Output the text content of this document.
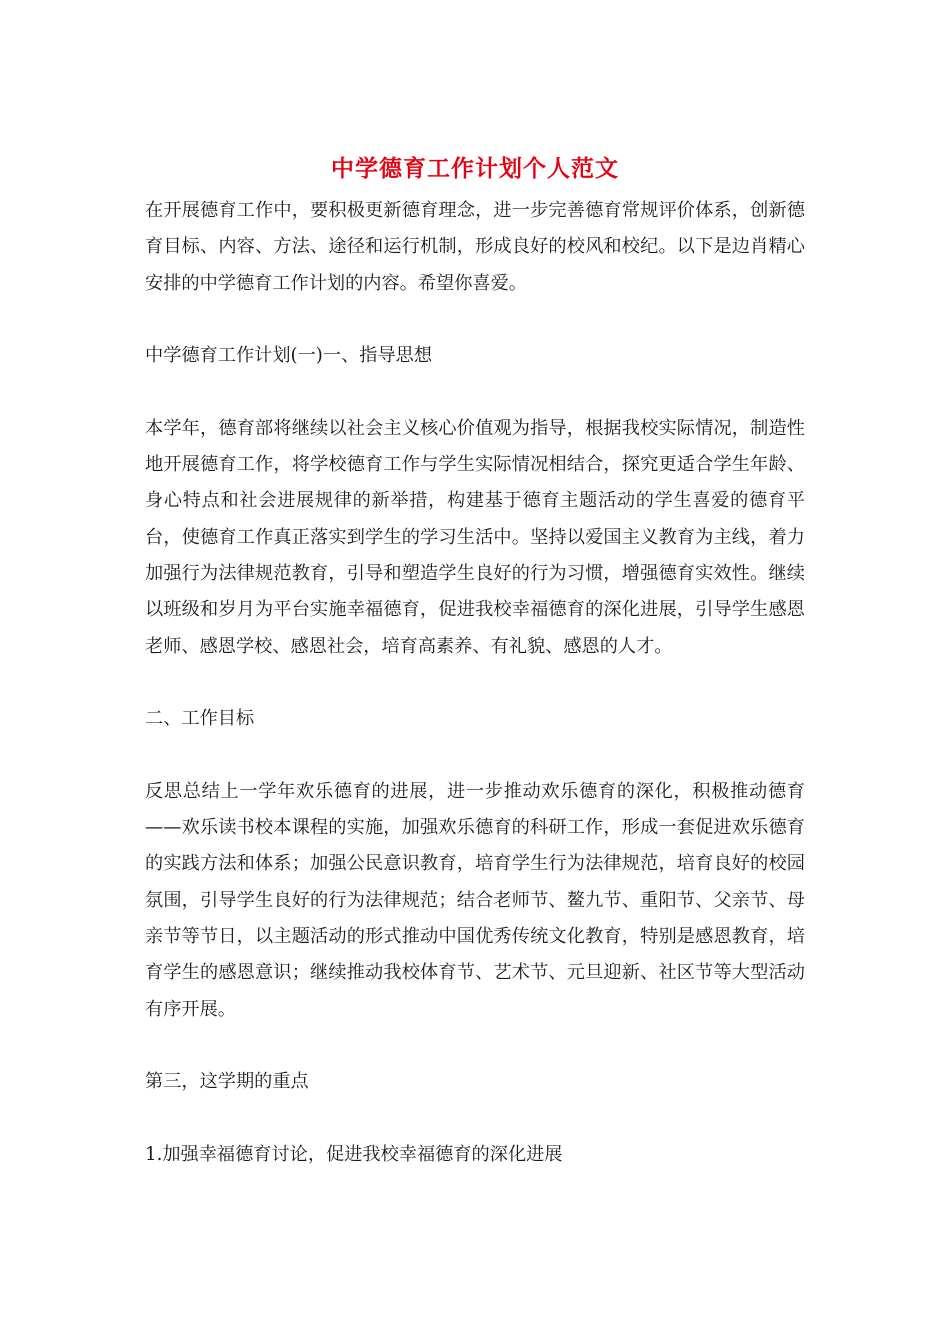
中学德育工作计划个人范文

在开展德育工作中，要积极更新德育理念，进一步完善德育常规评价体系，创新德育目标、内容、方法、途径和运行机制，形成良好的校风和校纪。以下是边肖精心安排的中学德育工作计划的内容。希望你喜爱。

中学德育工作计划(一)一、指导思想

本学年，德育部将继续以社会主义核心价值观为指导，根据我校实际情况，制造性地开展德育工作，将学校德育工作与学生实际情况相结合，探究更适合学生年龄、身心特点和社会进展规律的新举措，构建基于德育主题活动的学生喜爱的德育平台，使德育工作真正落实到学生的学习生活中。坚持以爱国主义教育为主线，着力加强行为法律规范教育，引导和塑造学生良好的行为习惯，增强德育实效性。继续以班级和岁月为平台实施幸福德育，促进我校幸福德育的深化进展，引导学生感恩老师、感恩学校、感恩社会，培育高素养、有礼貌、感恩的人才。

二、工作目标

反思总结上一学年欢乐德育的进展，进一步推动欢乐德育的深化，积极推动德育——欢乐读书校本课程的实施，加强欢乐德育的科研工作，形成一套促进欢乐德育的实践方法和体系；加强公民意识教育，培育学生行为法律规范，培育良好的校园氛围，引导学生良好的行为法律规范；结合老师节、鳌九节、重阳节、父亲节、母亲节等节日，以主题活动的形式推动中国优秀传统文化教育，特别是感恩教育，培育学生的感恩意识；继续推动我校体育节、艺术节、元旦迎新、社区节等大型活动有序开展。

第三，这学期的重点

1.加强幸福德育讨论，促进我校幸福德育的深化进展
